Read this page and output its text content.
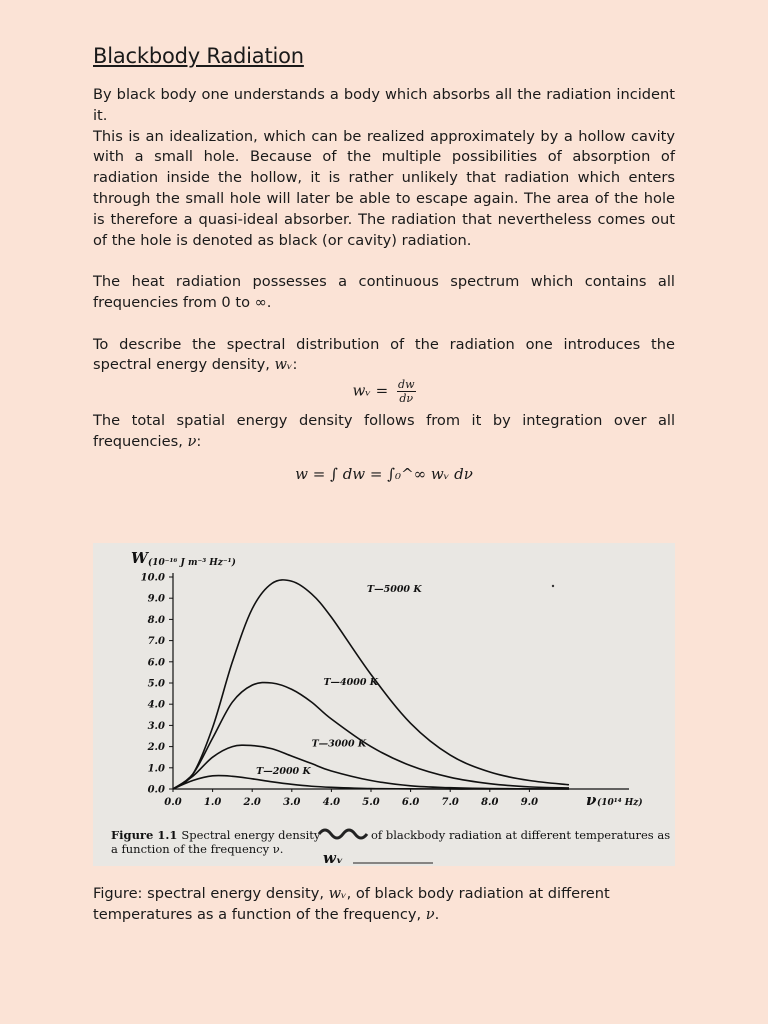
Blackbody Radiation

By black body one understands a body which absorbs all the radiation incident it.

This is an idealization, which can be realized approximately by a hollow cavity with a small hole. Because of the multiple possibilities of absorption of radiation inside the hollow, it is rather unlikely that radiation which enters through the small hole will later be able to escape again. The area of the hole is therefore a quasi-ideal absorber. The radiation that nevertheless comes out of the hole is denoted as black (or cavity) radiation.

The heat radiation possesses a continuous spectrum which contains all frequencies from 0 to ∞.

To describe the spectral distribution of the radiation one introduces the spectral energy density, wᵥ:

wᵥ = $\frac{dw}{d\nu}$

The total spatial energy density follows from it by integration over all frequencies, ν:

w = ∫ dw = ∫₀^∞ wᵥ dν
0.0
1.0
2.0
3.0
4.0
5.0
6.0
7.0
8.0
9.0
10.0
0.0 1.0 2.0 3.0 4.0 5.0 6.0 7.0 8.0 9.0
W (10⁻¹⁶ J m⁻³ Hz⁻¹)
ν (10¹⁴ Hz)
T—5000 K
T—4000 K
T—3000 K
T—2000 K
Figure 1.1 Spectral energy density	of blackbody radiation at different temperatures as
a function of the frequency ν.	wᵥ

Figure: spectral energy density, wᵥ, of black body radiation at different temperatures as a function of the frequency, ν.
